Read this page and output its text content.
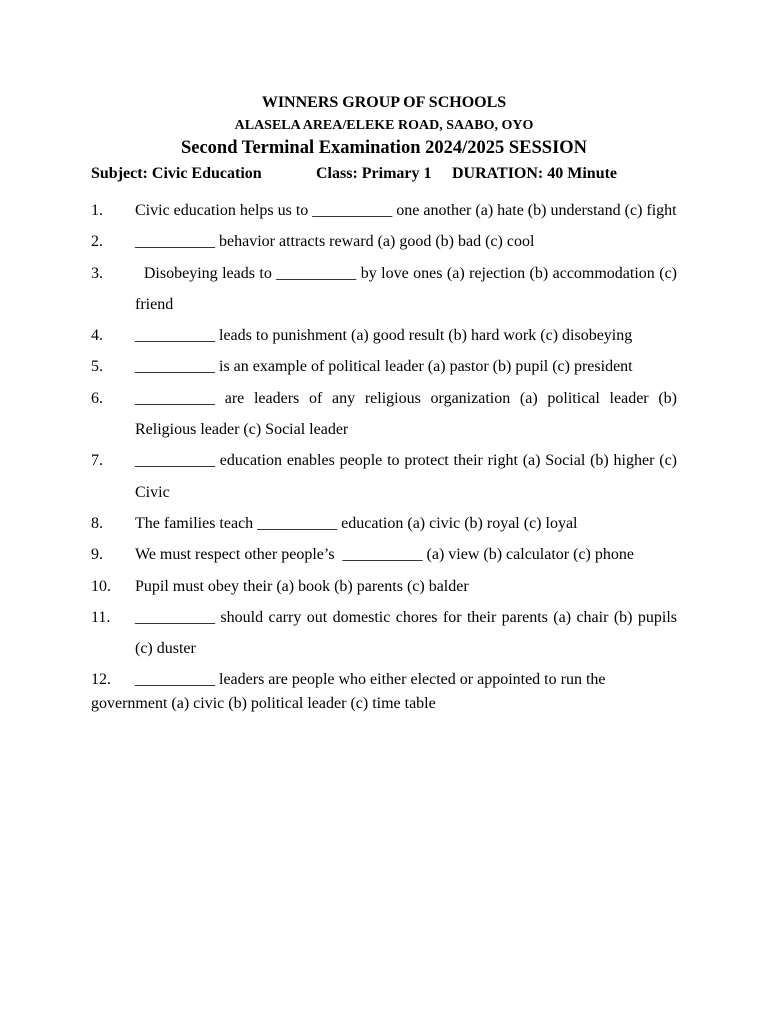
WINNERS GROUP OF SCHOOLS
ALASELA AREA/ELEKE ROAD, SAABO, OYO
Second Terminal Examination 2024/2025 SESSION

Subject: Civic Education

	Class: Primary 1

DURATION: 40 Minute

1. Civic education helps us to __________ one another (a) hate (b) understand (c) fight
2. __________ behavior attracts reward (a) good (b) bad (c) cool
3. Disobeying leads to __________ by love ones (a) rejection (b) accommodation (c) friend
4. __________ leads to punishment (a) good result (b) hard work (c) disobeying
5. __________ is an example of political leader (a) pastor (b) pupil (c) president
6. __________ are leaders of any religious organization (a) political leader (b) Religious leader (c) Social leader
7. __________ education enables people to protect their right (a) Social (b) higher (c) Civic
8. The families teach __________ education (a) civic (b) royal (c) loyal
9. We must respect other people’s  __________ (a) view (b) calculator (c) phone
10. Pupil must obey their (a) book (b) parents (c) balder
11. __________ should carry out domestic chores for their parents (a) chair (b) pupils (c) duster
12. __________ leaders are people who either elected or appointed to run the government (a) civic (b) political leader (c) time table
